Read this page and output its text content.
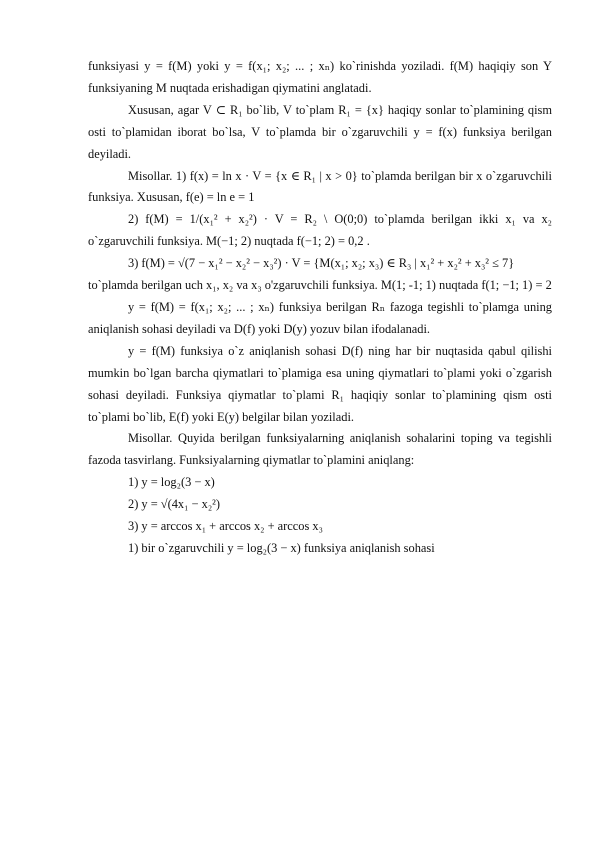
funksiyasi y = f(M) yoki y = f(x₁; x₂; ... ; xₙ) ko`rinishda yoziladi. f(M) haqiqiy son Y funksiyaning M nuqtada erishadigan qiymatini anglatadi.

Xususan, agar V ⊂ R₁ bo`lib, V to`plam R₁ = {x} haqiqy sonlar to`plamining qism osti to`plamidan iborat bo`lsa, V to`plamda bir o`zgaruvchili y = f(x) funksiya berilgan deyiladi.

Misollar. 1) f(x) = ln x · V = {x ∈ R₁ | x > 0} to`plamda berilgan bir x o`zgaruvchili funksiya. Xususan, f(e) = ln e = 1

2) f(M) = 1/(x₁² + x₂²) · V = R₂ \ O(0;0) to`plamda berilgan ikki x₁ va x₂ o`zgaruvchili funksiya. M(−1; 2) nuqtada f(−1; 2) = 0,2 .

3) f(M) = √(7 − x₁² − x₂² − x₃²) · V = {M(x₁; x₂; x₃) ∈ R₃ | x₁² + x₂² + x₃² ≤ 7}

to`plamda berilgan uch x₁, x₂ va x₃ o'zgaruvchili funksiya. M(1; -1; 1) nuqtada f(1; −1; 1) = 2

y = f(M) = f(x₁; x₂; ... ; xₙ) funksiya berilgan Rₙ fazoga tegishli to`plamga uning aniqlanish sohasi deyiladi va D(f) yoki D(y) yozuv bilan ifodalanadi.

y = f(M) funksiya o`z aniqlanish sohasi D(f) ning har bir nuqtasida qabul qilishi mumkin bo`lgan barcha qiymatlari to`plamiga esa uning qiymatlari to`plami yoki o`zgarish sohasi deyiladi. Funksiya qiymatlar to`plami R₁ haqiqiy sonlar to`plamining qism osti to`plami bo`lib, E(f) yoki E(y) belgilar bilan yoziladi.

Misollar. Quyida berilgan funksiyalarning aniqlanish sohalarini toping va tegishli fazoda tasvirlang. Funksiyalarning qiymatlar to`plamini aniqlang:

1) y = log₂(3 − x)

2) y = √(4x₁ − x₂²)

3) y = arccos x₁ + arccos x₂ + arccos x₃

1) bir o`zgaruvchili y = log₂(3 − x) funksiya aniqlanish sohasi
